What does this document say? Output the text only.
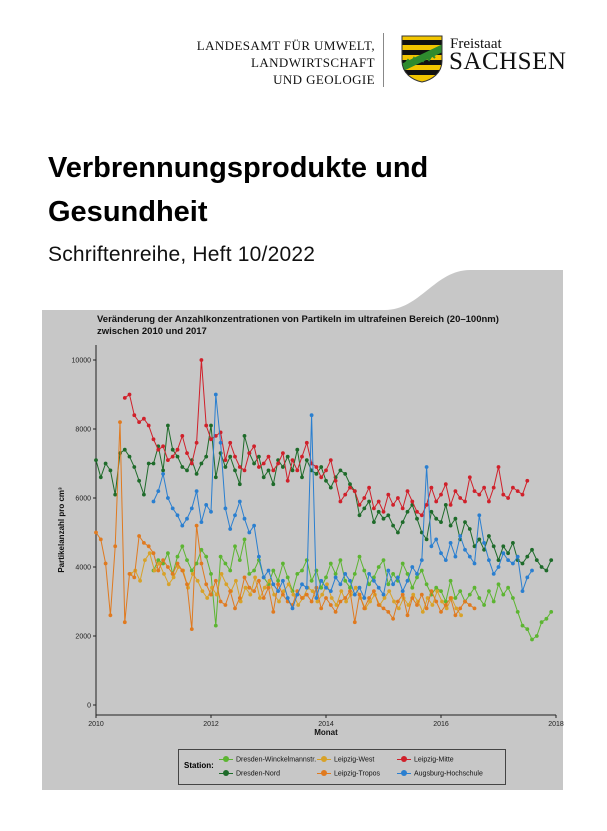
LANDESAMT FÜR UMWELT,
LANDWIRTSCHAFT
UND GEOLOGIE
Freistaat
SACHSEN
Verbrennungsprodukte und
Gesundheit
Schriftenreihe, Heft 10/2022
Veränderung der Anzahlkonzentrationen von Partikeln im ultrafeinen Bereich (20–100nm) zwischen 2010 und 2017
0
2000
4000
6000
8000
10000
2010	2012	2014	2016	2018
Monat
Partikelanzahl pro cm³
Station:
Dresden-Winckelmannstr.
Dresden-Nord
Leipzig-West
Leipzig-Tropos
Leipzig-Mitte
Augsburg-Hochschule
